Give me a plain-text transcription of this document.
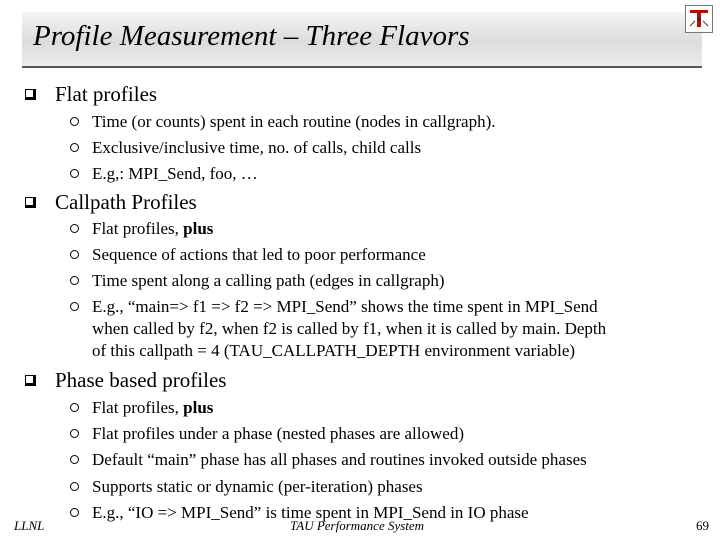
Profile Measurement – Three Flavors
Flat profiles
Time (or counts) spent in each routine (nodes in callgraph).
Exclusive/inclusive time, no. of calls, child calls
E.g,: MPI_Send, foo, …
Callpath Profiles
Flat profiles, plus
Sequence of actions that led to poor performance
Time spent along a calling path (edges in callgraph)
E.g., “main=> f1 => f2 => MPI_Send” shows the time spent in MPI_Send
when called by f2, when f2 is called by f1, when it is called by main. Depth
of this callpath = 4 (TAU_CALLPATH_DEPTH environment variable)
Phase based profiles
Flat profiles, plus
Flat profiles under a phase (nested phases are allowed)
Default “main” phase has all phases and routines invoked outside phases
Supports static or dynamic (per-iteration) phases
E.g., “IO => MPI_Send” is time spent in MPI_Send in IO phase
LLNL	TAU Performance System	69
